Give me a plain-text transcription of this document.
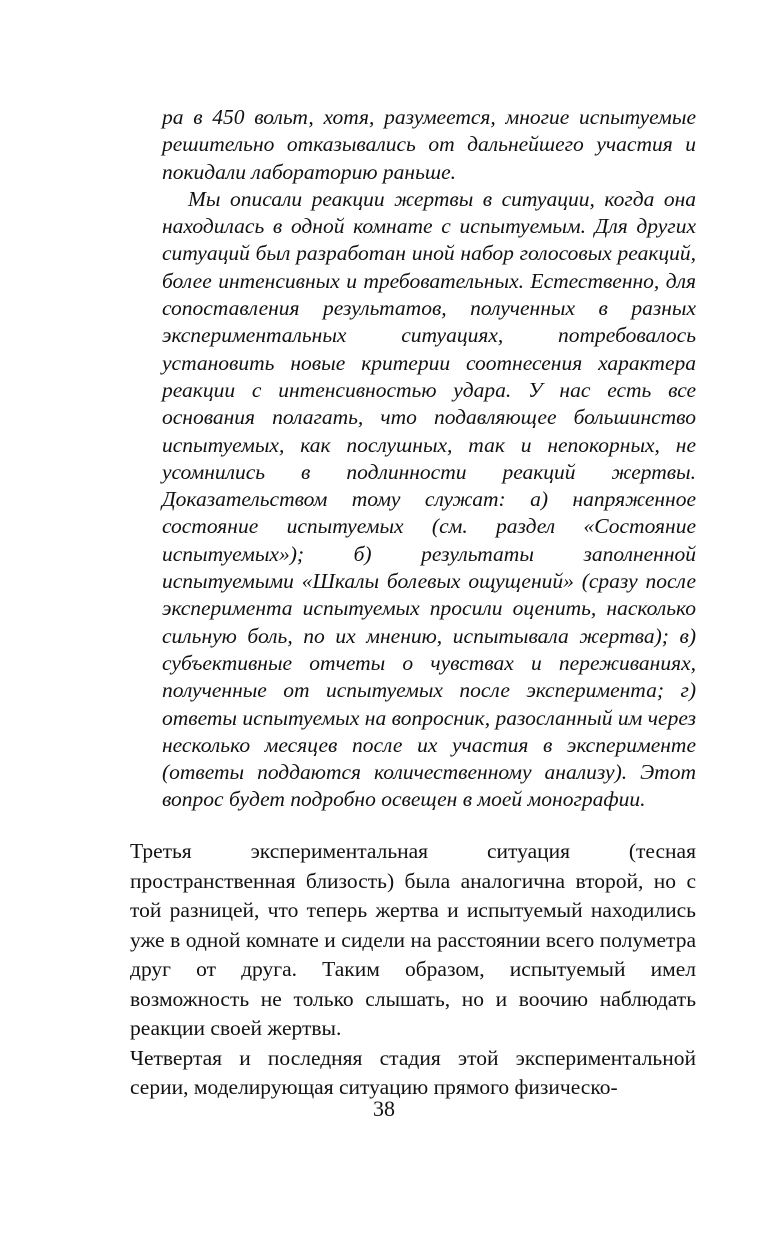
ра в 450 вольт, хотя, разумеется, многие испытуемые решительно отказывались от дальнейшего участия и покидали лабораторию раньше.

Мы описали реакции жертвы в ситуации, когда она находилась в одной комнате с испытуемым. Для других ситуаций был разработан иной набор голосовых реакций, более интенсивных и требовательных. Естественно, для сопоставления результатов, полученных в разных экспериментальных ситуациях, потребовалось установить новые критерии соотнесения характера реакции с интенсивностью удара. У нас есть все основания полагать, что подавляющее большинство испытуемых, как послушных, так и непокорных, не усомнились в подлинности реакций жертвы. Доказательством тому служат: а) напряженное состояние испытуемых (см. раздел «Состояние испытуемых»); б) результаты заполненной испытуемыми «Шкалы болевых ощущений» (сразу после эксперимента испытуемых просили оценить, насколько сильную боль, по их мнению, испытывала жертва); в) субъективные отчеты о чувствах и переживаниях, полученные от испытуемых после эксперимента; г) ответы испытуемых на вопросник, разосланный им через несколько месяцев после их участия в эксперименте (ответы поддаются количественному анализу). Этот вопрос будет подробно освещен в моей монографии.

Третья экспериментальная ситуация (тесная пространственная близость) была аналогична второй, но с той разницей, что теперь жертва и испытуемый находились уже в одной комнате и сидели на расстоянии всего полуметра друг от друга. Таким образом, испытуемый имел возможность не только слышать, но и воочию наблюдать реакции своей жертвы.

Четвертая и последняя стадия этой экспериментальной серии, моделирующая ситуацию прямого физическо-

38
